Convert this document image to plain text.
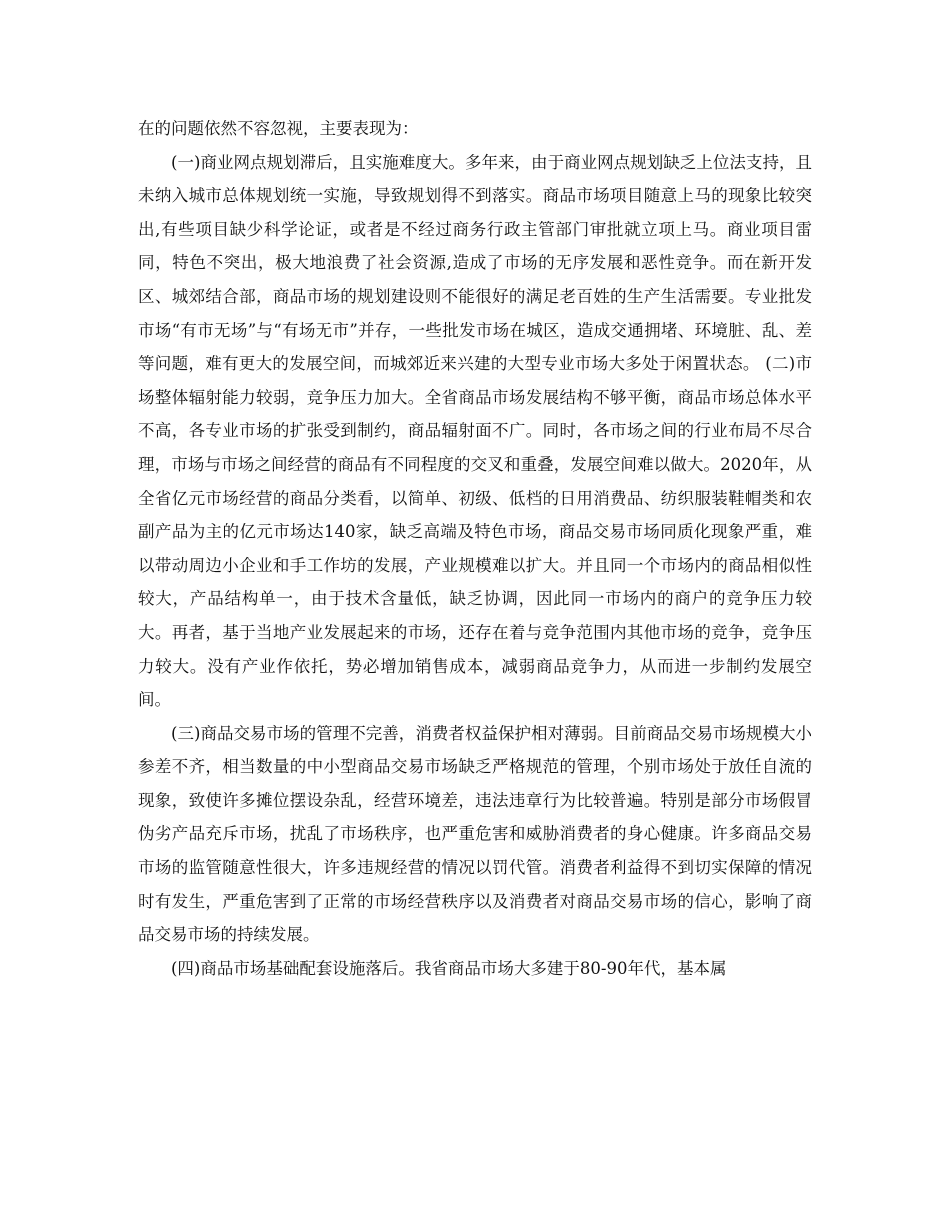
在的问题依然不容忽视，主要表现为：

(一)商业网点规划滞后，且实施难度大。多年来，由于商业网点规划缺乏上位法支持，且未纳入城市总体规划统一实施，导致规划得不到落实。商品市场项目随意上马的现象比较突出,有些项目缺少科学论证，或者是不经过商务行政主管部门审批就立项上马。商业项目雷同，特色不突出，极大地浪费了社会资源,造成了市场的无序发展和恶性竞争。而在新开发区、城郊结合部，商品市场的规划建设则不能很好的满足老百姓的生产生活需要。专业批发市场“有市无场”与“有场无市”并存，一些批发市场在城区，造成交通拥堵、环境脏、乱、差等问题，难有更大的发展空间，而城郊近来兴建的大型专业市场大多处于闲置状态。 (二)市场整体辐射能力较弱，竞争压力加大。全省商品市场发展结构不够平衡，商品市场总体水平不高，各专业市场的扩张受到制约，商品辐射面不广。同时，各市场之间的行业布局不尽合理，市场与市场之间经营的商品有不同程度的交叉和重叠，发展空间难以做大。2020年，从全省亿元市场经营的商品分类看，以简单、初级、低档的日用消费品、纺织服装鞋帽类和农副产品为主的亿元市场达140家，缺乏高端及特色市场，商品交易市场同质化现象严重，难以带动周边小企业和手工作坊的发展，产业规模难以扩大。并且同一个市场内的商品相似性较大，产品结构单一，由于技术含量低，缺乏协调，因此同一市场内的商户的竞争压力较大。再者，基于当地产业发展起来的市场，还存在着与竞争范围内其他市场的竞争，竞争压力较大。没有产业作依托，势必增加销售成本，减弱商品竞争力，从而进一步制约发展空间。

(三)商品交易市场的管理不完善，消费者权益保护相对薄弱。目前商品交易市场规模大小参差不齐，相当数量的中小型商品交易市场缺乏严格规范的管理，个别市场处于放任自流的现象，致使许多摊位摆设杂乱，经营环境差，违法违章行为比较普遍。特别是部分市场假冒伪劣产品充斥市场，扰乱了市场秩序，也严重危害和威胁消费者的身心健康。许多商品交易市场的监管随意性很大，许多违规经营的情况以罚代管。消费者利益得不到切实保障的情况时有发生，严重危害到了正常的市场经营秩序以及消费者对商品交易市场的信心，影响了商品交易市场的持续发展。

(四)商品市场基础配套设施落后。我省商品市场大多建于80-90年代，基本属
